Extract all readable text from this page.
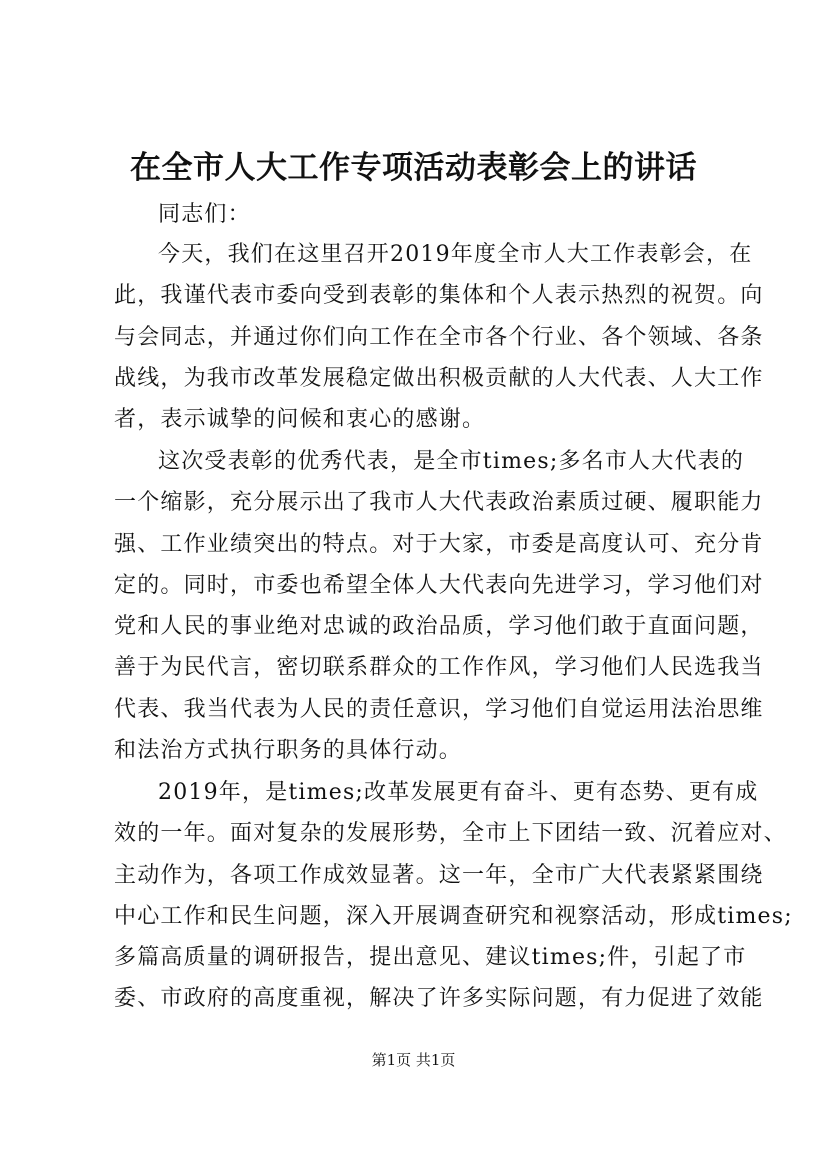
在全市人大工作专项活动表彰会上的讲话
同志们：
今天，我们在这里召开2019年度全市人大工作表彰会，在
此，我谨代表市委向受到表彰的集体和个人表示热烈的祝贺。向
与会同志，并通过你们向工作在全市各个行业、各个领域、各条
战线，为我市改革发展稳定做出积极贡献的人大代表、人大工作
者，表示诚挚的问候和衷心的感谢。
这次受表彰的优秀代表，是全市times;多名市人大代表的
一个缩影，充分展示出了我市人大代表政治素质过硬、履职能力
强、工作业绩突出的特点。对于大家，市委是高度认可、充分肯
定的。同时，市委也希望全体人大代表向先进学习，学习他们对
党和人民的事业绝对忠诚的政治品质，学习他们敢于直面问题，
善于为民代言，密切联系群众的工作作风，学习他们人民选我当
代表、我当代表为人民的责任意识，学习他们自觉运用法治思维
和法治方式执行职务的具体行动。
2019年，是times;改革发展更有奋斗、更有态势、更有成
效的一年。面对复杂的发展形势，全市上下团结一致、沉着应对、
主动作为，各项工作成效显著。这一年，全市广大代表紧紧围绕
中心工作和民生问题，深入开展调查研究和视察活动，形成times;
多篇高质量的调研报告，提出意见、建议times;件，引起了市
委、市政府的高度重视，解决了许多实际问题，有力促进了效能
第1页 共1页
